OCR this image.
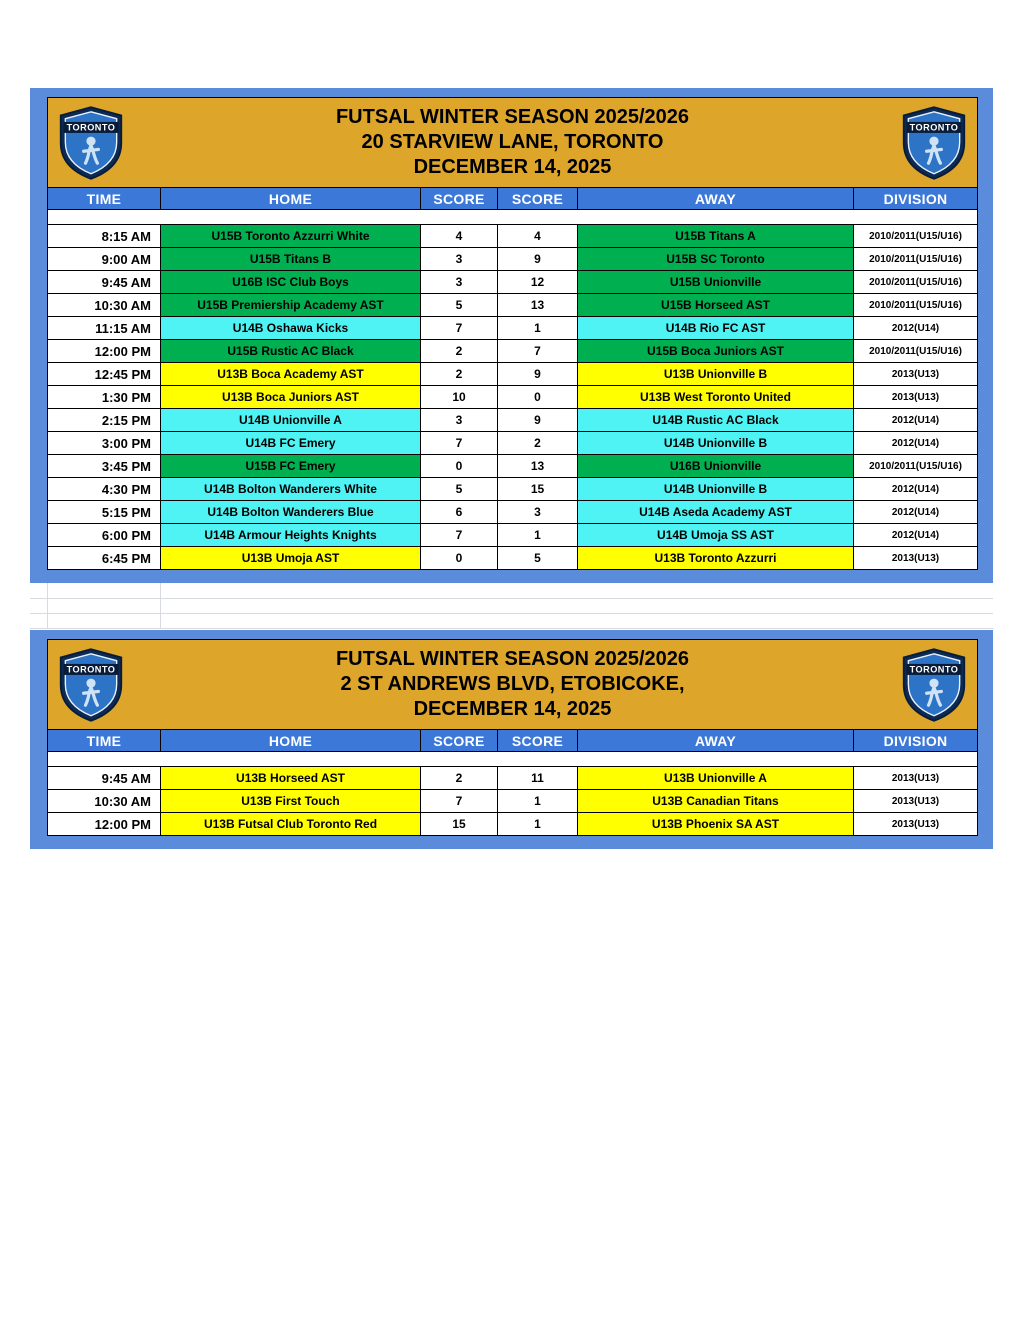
FUTSAL WINTER SEASON 2025/2026
20 STARVIEW LANE, TORONTO
DECEMBER 14, 2025					

TIME	HOME	SCORE	SCORE	AWAY	DIVISION

8:15 AM	U15B Toronto Azzurri White	4	4	U15B Titans A	2010/2011(U15/U16)
9:00 AM	U15B Titans B	3	9	U15B SC Toronto	2010/2011(U15/U16)
9:45 AM	U16B ISC Club Boys	3	12	U15B Unionville	2010/2011(U15/U16)
10:30 AM	U15B Premiership Academy AST	5	13	U15B Horseed AST	2010/2011(U15/U16)
11:15 AM	U14B Oshawa Kicks	7	1	U14B Rio FC AST	2012(U14)
12:00 PM	U15B Rustic AC Black	2	7	U15B Boca Juniors AST	2010/2011(U15/U16)
12:45 PM	U13B Boca Academy AST	2	9	U13B Unionville B	2013(U13)
1:30 PM	U13B Boca Juniors AST	10	0	U13B West Toronto United	2013(U13)
2:15 PM	U14B Unionville A	3	9	U14B Rustic AC Black	2012(U14)
3:00 PM	U14B FC Emery	7	2	U14B Unionville B	2012(U14)
3:45 PM	U15B FC Emery	0	13	U16B Unionville	2010/2011(U15/U16)
4:30 PM	U14B Bolton Wanderers White	5	15	U14B Unionville B	2012(U14)
5:15 PM	U14B Bolton Wanderers Blue	6	3	U14B Aseda Academy AST	2012(U14)
6:00 PM	U14B Armour Heights Knights	7	1	U14B Umoja SS AST	2012(U14)
6:45 PM	U13B Umoja AST	0	5	U13B Toronto Azzurri	2013(U13)
FUTSAL WINTER SEASON 2025/2026
2 ST ANDREWS BLVD, ETOBICOKE,
DECEMBER 14, 2025					

TIME	HOME	SCORE	SCORE	AWAY	DIVISION

9:45 AM	U13B Horseed AST	2	11	U13B Unionville A	2013(U13)
10:30 AM	U13B First Touch	7	1	U13B Canadian Titans	2013(U13)
12:00 PM	U13B Futsal Club Toronto Red	15	1	U13B Phoenix SA AST	2013(U13)
